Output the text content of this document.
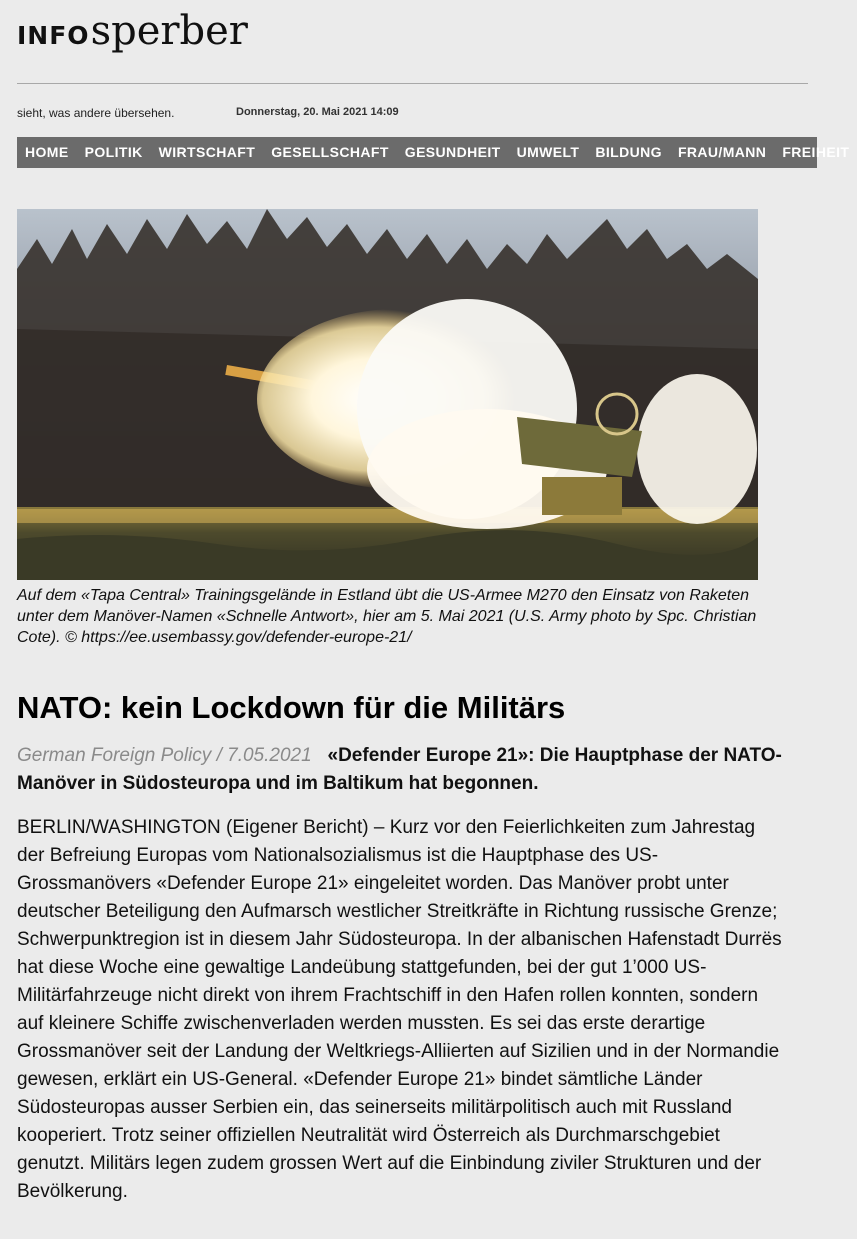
INFO sperber
sieht, was andere übersehen.	Donnerstag, 20. Mai 2021 14:09
HOME	POLITIK	WIRTSCHAFT	GESELLSCHAFT	GESUNDHEIT	UMWELT	BILDUNG	FRAU/MANN	FREIHEIT
Auf dem «Tapa Central» Trainingsgelände in Estland übt die US-Armee M270 den Einsatz von Raketen unter dem Manöver-Namen «Schnelle Antwort», hier am 5. Mai 2021 (U.S. Army photo by Spc. Christian Cote). © https://ee.usembassy.gov/defender-europe-21/
NATO: kein Lockdown für die Militärs
German Foreign Policy / 7.05.2021 «Defender Europe 21»: Die Hauptphase der NATO-Manöver in Südosteuropa und im Baltikum hat begonnen.

BERLIN/WASHINGTON (Eigener Bericht) – Kurz vor den Feierlichkeiten zum Jahrestag der Befreiung Europas vom Nationalsozialismus ist die Hauptphase des US-Grossmanövers «Defender Europe 21» eingeleitet worden. Das Manöver probt unter deutscher Beteiligung den Aufmarsch westlicher Streitkräfte in Richtung russische Grenze; Schwerpunktregion ist in diesem Jahr Südosteuropa. In der albanischen Hafenstadt Durrës hat diese Woche eine gewaltige Landeübung stattgefunden, bei der gut 1’000 US-Militärfahrzeuge nicht direkt von ihrem Frachtschiff in den Hafen rollen konnten, sondern auf kleinere Schiffe zwischenverladen werden mussten. Es sei das erste derartige Grossmanöver seit der Landung der Weltkriegs-Alliierten auf Sizilien und in der Normandie gewesen, erklärt ein US-General. «Defender Europe 21» bindet sämtliche Länder Südosteuropas ausser Serbien ein, das seinerseits militärpolitisch auch mit Russland kooperiert. Trotz seiner offiziellen Neutralität wird Österreich als Durchmarschgebiet genutzt. Militärs legen zudem grossen Wert auf die Einbindung ziviler Strukturen und der Bevölkerung.
